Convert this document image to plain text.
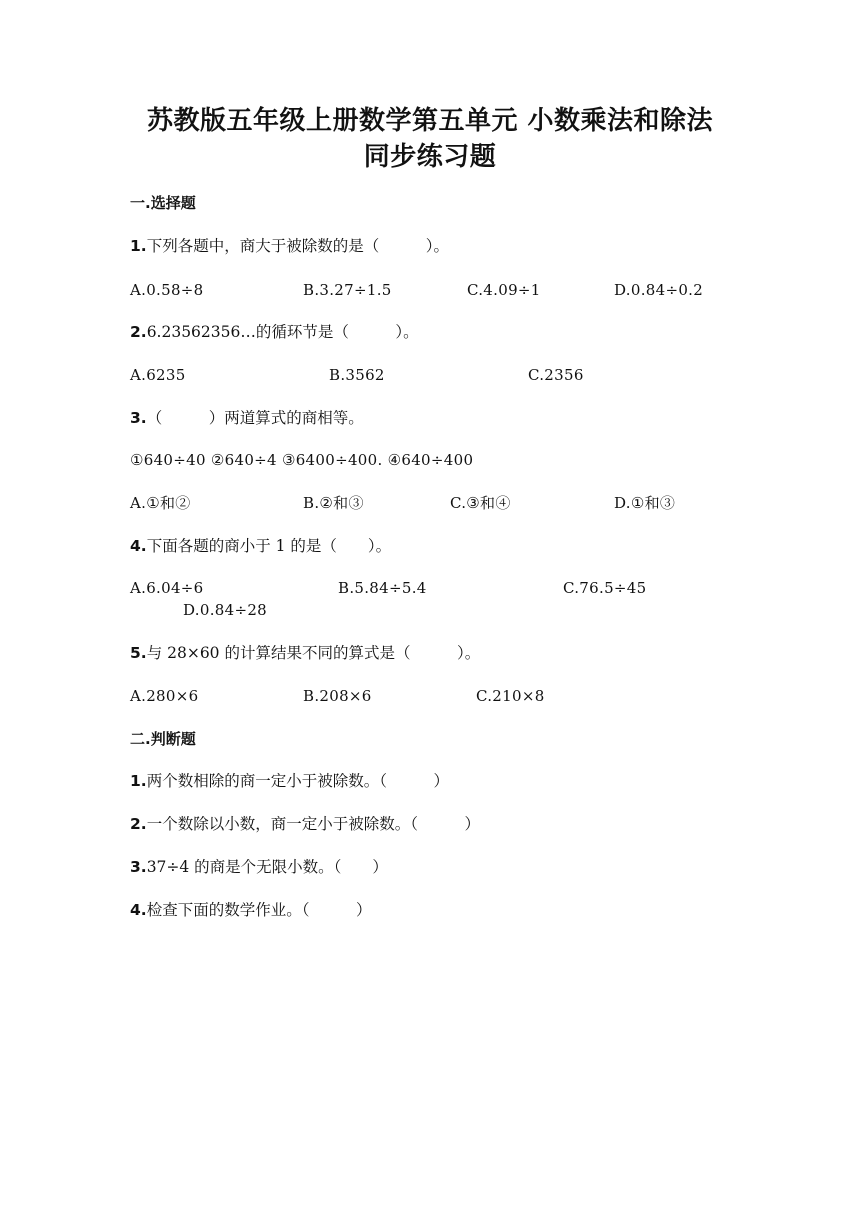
苏教版五年级上册数学第五单元 小数乘法和除法
同步练习题
一.选择题
1.下列各题中，商大于被除数的是（　　　）。
A.0.58÷8	B.3.27÷1.5	C.4.09÷1	D.0.84÷0.2
2.6.23562356…的循环节是（　　　）。
A.6235	B.3562	C.2356
3.（　　　）两道算式的商相等。
①640÷40 ②640÷4 ③6400÷400. ④640÷400
A.①和②	B.②和③	C.③和④	D.①和③
4.下面各题的商小于 1 的是（　　）。
A.6.04÷6	B.5.84÷5.4	C.76.5÷45
D.0.84÷28
5.与 28×60 的计算结果不同的算式是（　　　）。
A.280×6	B.208×6	C.210×8
二.判断题
1.两个数相除的商一定小于被除数。（　　　）
2.一个数除以小数，商一定小于被除数。（　　　）
3.37÷4 的商是个无限小数。（　　）
4.检查下面的数学作业。（　　　）
